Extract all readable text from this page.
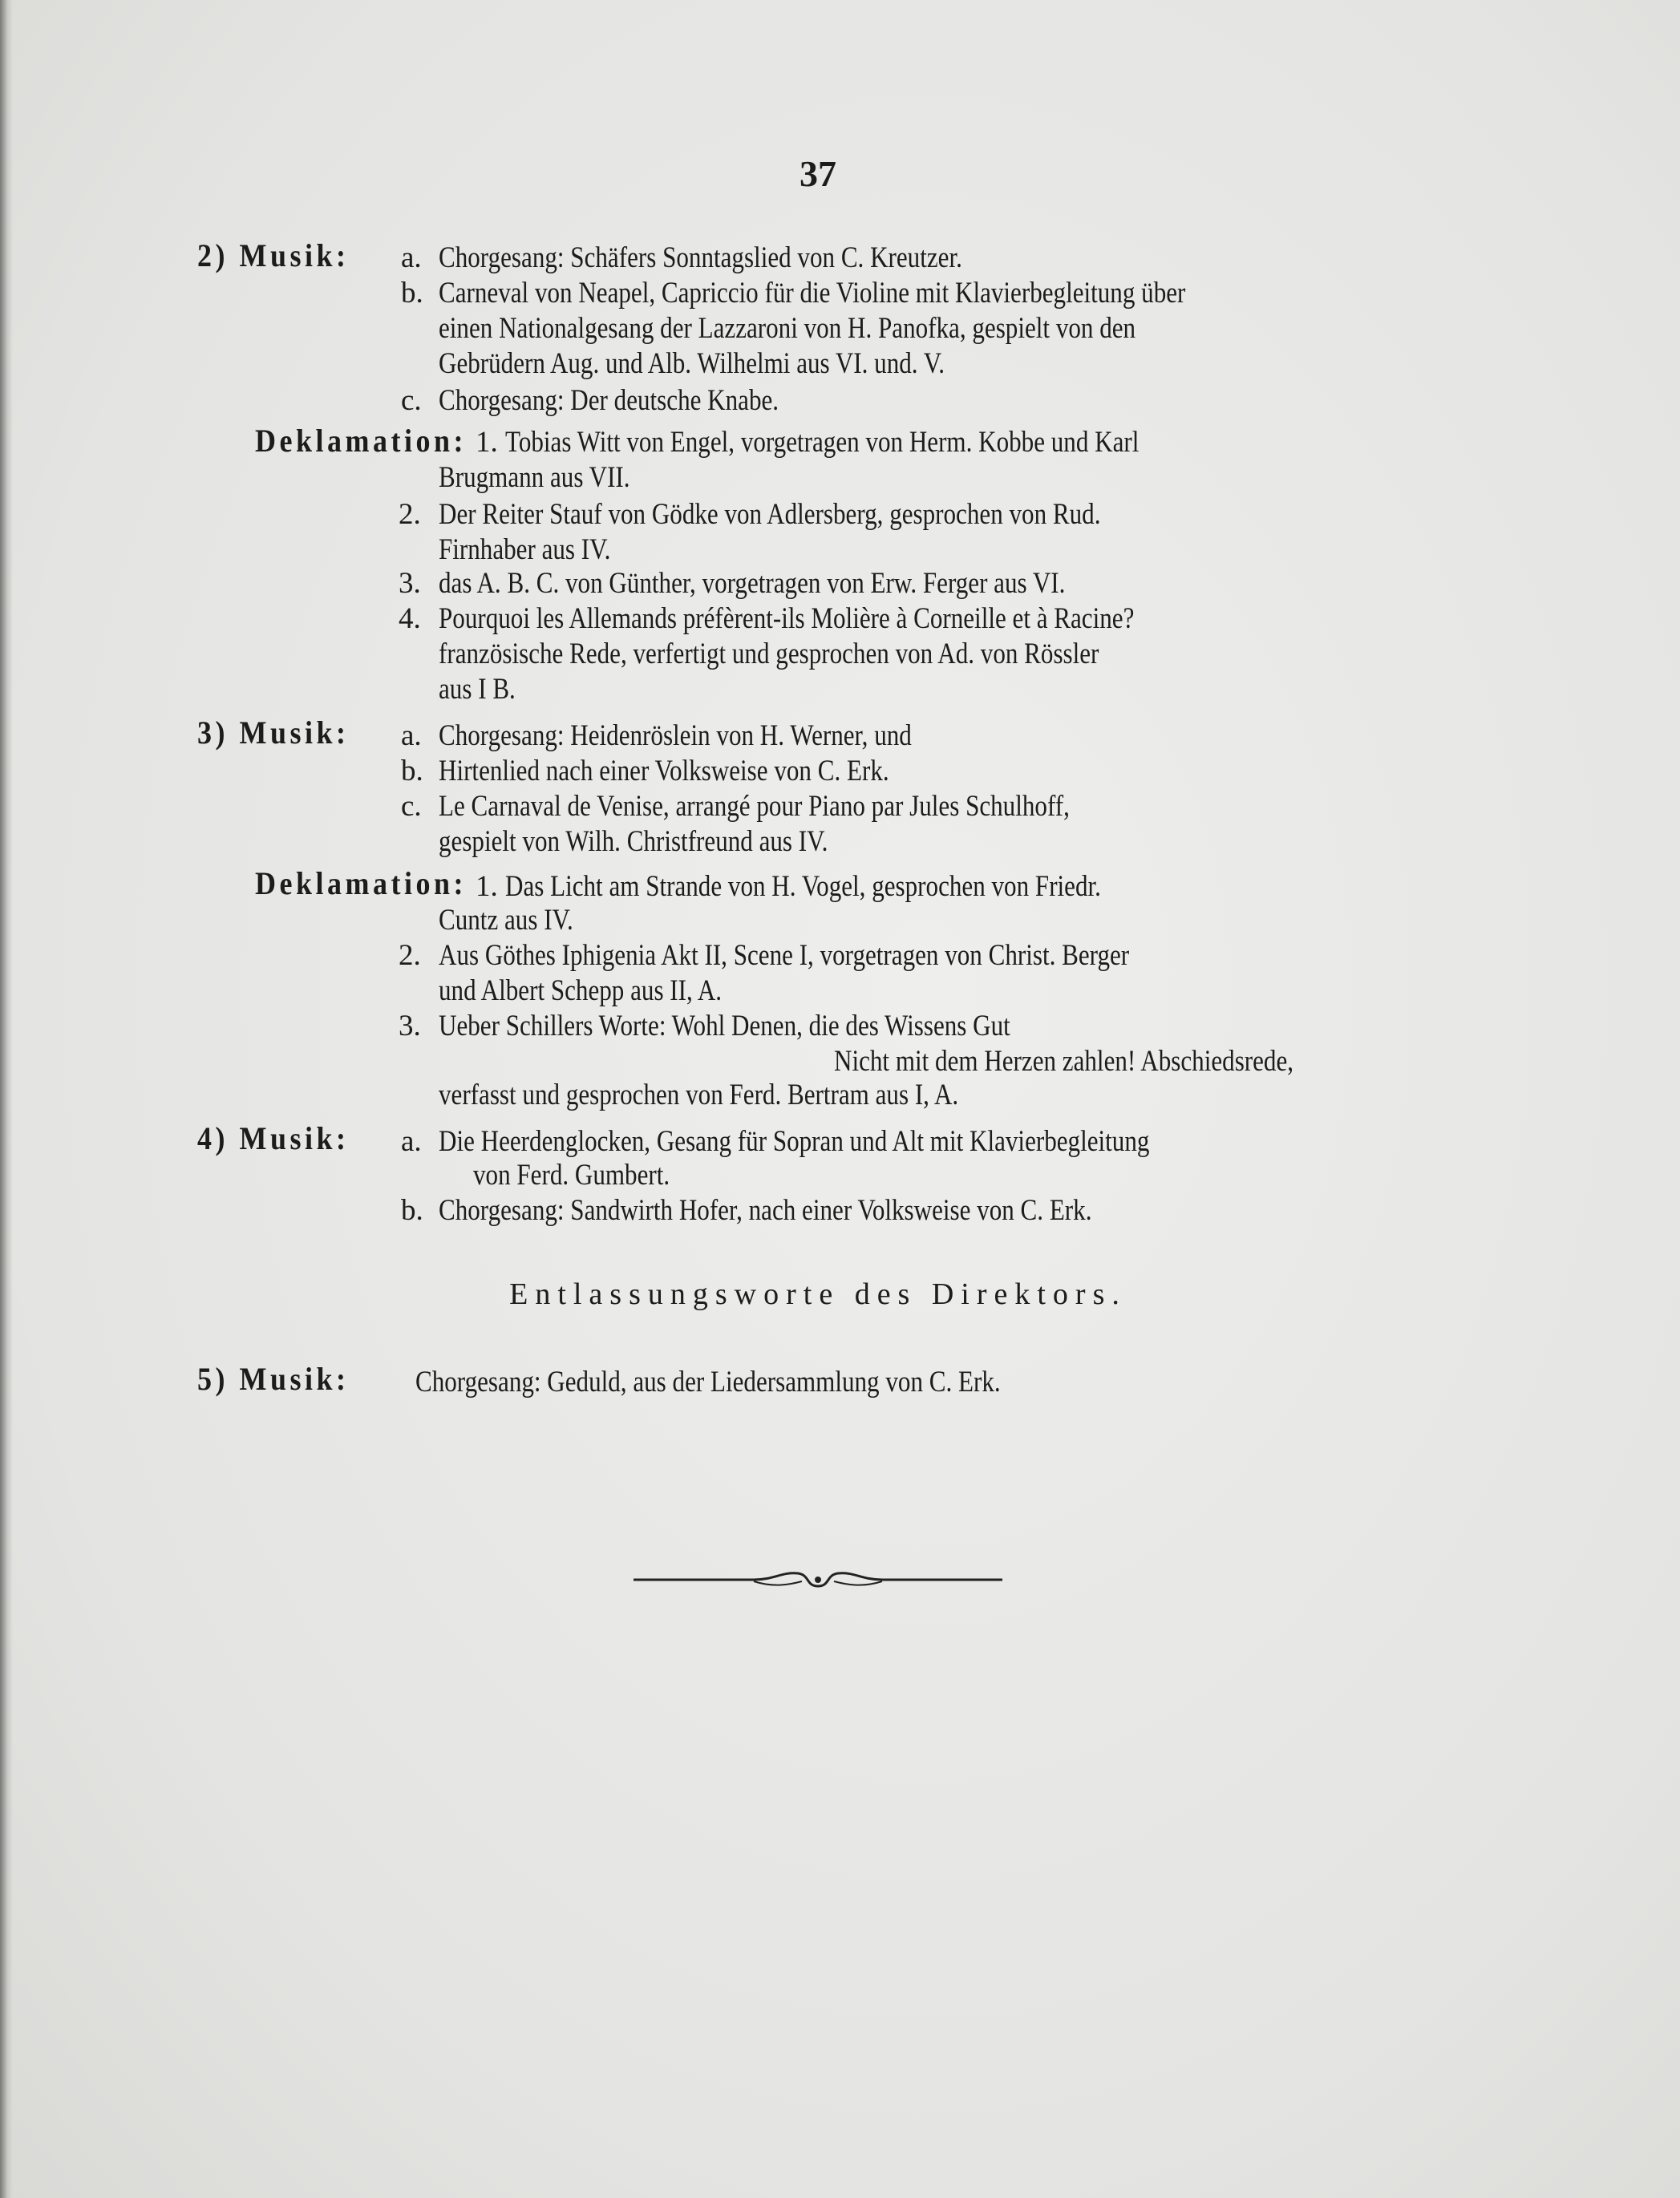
37
2) Musik: a. Chorgesang: Schäfers Sonntagslied von C. Kreutzer.
b. Carneval von Neapel, Capriccio für die Violine mit Klavierbegleitung über
einen Nationalgesang der Lazzaroni von H. Panofka, gespielt von den
Gebrüdern Aug. und Alb. Wilhelmi aus VI. und. V.
c. Chorgesang: Der deutsche Knabe.
Deklamation: 1. Tobias Witt von Engel, vorgetragen von Herm. Kobbe und Karl
Brugmann aus VII.
2. Der Reiter Stauf von Gödke von Adlersberg, gesprochen von Rud.
Firnhaber aus IV.
3. das A. B. C. von Günther, vorgetragen von Erw. Ferger aus VI.
4. Pourquoi les Allemands préfèrent-ils Molière à Corneille et à Racine?
französische Rede, verfertigt und gesprochen von Ad. von Rössler
aus I B.
3) Musik: a. Chorgesang: Heidenröslein von H. Werner, und
b. Hirtenlied nach einer Volksweise von C. Erk.
c. Le Carnaval de Venise, arrangé pour Piano par Jules Schulhoff,
gespielt von Wilh. Christfreund aus IV.
Deklamation: 1. Das Licht am Strande von H. Vogel, gesprochen von Friedr.
Cuntz aus IV.
2. Aus Göthes Iphigenia Akt II, Scene I, vorgetragen von Christ. Berger
und Albert Schepp aus II, A.
3. Ueber Schillers Worte: Wohl Denen, die des Wissens Gut
Nicht mit dem Herzen zahlen! Abschiedsrede,
verfasst und gesprochen von Ferd. Bertram aus I, A.
4) Musik: a. Die Heerdenglocken, Gesang für Sopran und Alt mit Klavierbegleitung
von Ferd. Gumbert.
b. Chorgesang: Sandwirth Hofer, nach einer Volksweise von C. Erk.
Entlassungsworte des Direktors.
5) Musik: Chorgesang: Geduld, aus der Liedersammlung von C. Erk.
